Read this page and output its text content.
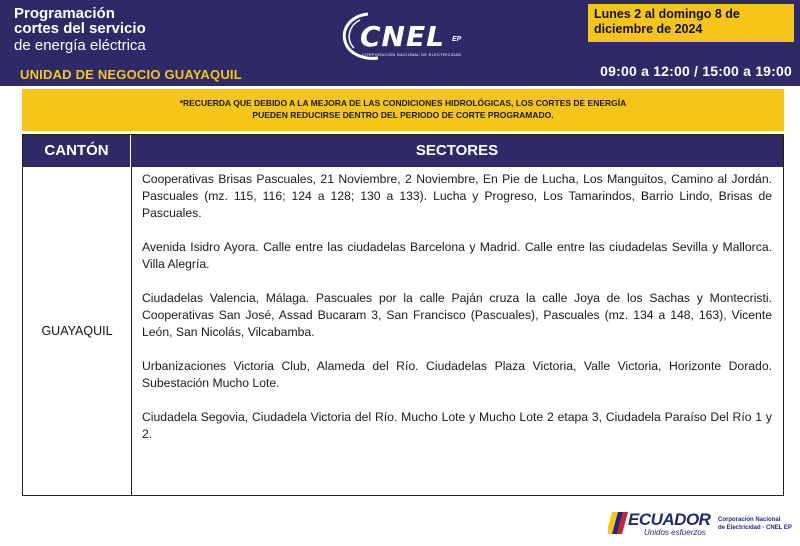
Programación
cortes del servicio
de energía eléctrica
UNIDAD DE NEGOCIO GUAYAQUIL
CNEL EP
CORPORACIÓN NACIONAL DE ELECTRICIDAD
Lunes 2 al domingo 8 de
diciembre de 2024
09:00 a 12:00 / 15:00 a 19:00
*RECUERDA QUE DEBIDO A LA MEJORA DE LAS CONDICIONES HIDROLÓGICAS, LOS CORTES DE ENERGÍA
PUEDEN REDUCIRSE DENTRO DEL PERIODO DE CORTE PROGRAMADO.
CANTÓN	SECTORES
GUAYAQUIL

Cooperativas Brisas Pascuales, 21 Noviembre, 2 Noviembre, En Pie de Lucha, Los Manguitos, Camino al Jordán. Pascuales (mz. 115, 116; 124 a 128; 130 a 133). Lucha y Progreso, Los Tamarindos, Barrio Lindo, Brisas de Pascuales.

Avenida Isidro Ayora. Calle entre las ciudadelas Barcelona y Madrid. Calle entre las ciudadelas Sevilla y Mallorca. Villa Alegría.

Ciudadelas Valencia, Málaga. Pascuales por la calle Paján cruza la calle Joya de los Sachas y Montecristi. Cooperativas San José, Assad Bucaram 3, San Francisco (Pascuales), Pascuales (mz. 134 a 148, 163), Vicente León, San Nicolás, Vilcabamba.

Urbanizaciones Victoria Club, Alameda del Río. Ciudadelas Plaza Victoria, Valle Victoria, Horizonte Dorado. Subestación Mucho Lote.

Ciudadela Segovia, Ciudadela Victoria del Río. Mucho Lote y Mucho Lote 2 etapa 3, Ciudadela Paraíso Del Río 1 y 2.

ECUADOR
Unidos esfuerzos
Corporación Nacional
de Electricidad - CNEL EP
